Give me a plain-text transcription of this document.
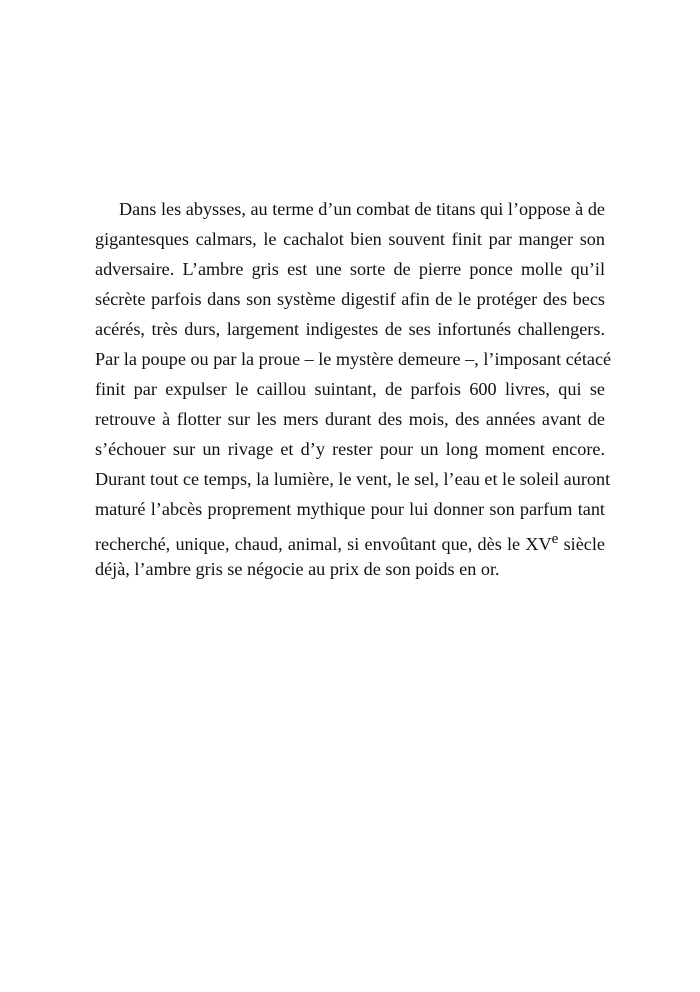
Dans les abysses, au terme d’un combat de titans qui l’oppose à de
gigantesques calmars, le cachalot bien souvent finit par manger son
adversaire. L’ambre gris est une sorte de pierre ponce molle qu’il
sécrète parfois dans son système digestif afin de le protéger des becs
acérés, très durs, largement indigestes de ses infortunés challengers.
Par la poupe ou par la proue – le mystère demeure –, l’imposant cétacé
finit par expulser le caillou suintant, de parfois 600 livres, qui se
retrouve à flotter sur les mers durant des mois, des années avant de
s’échouer sur un rivage et d’y rester pour un long moment encore.
Durant tout ce temps, la lumière, le vent, le sel, l’eau et le soleil auront
maturé l’abcès proprement mythique pour lui donner son parfum tant
recherché, unique, chaud, animal, si envoûtant que, dès le XVe siècle
déjà, l’ambre gris se négocie au prix de son poids en or.
